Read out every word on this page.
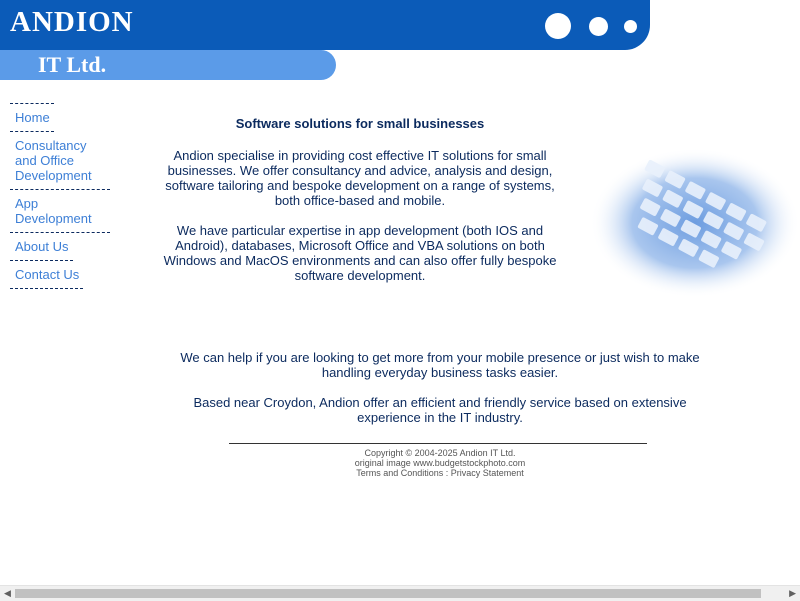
ANDION
IT Ltd.
Home
Consultancy and Office Development
App Development
About Us
Contact Us
Software solutions for small businesses

Andion specialise in providing cost effective IT solutions for small businesses. We offer consultancy and advice, analysis and design, software tailoring and bespoke development on a range of systems, both office-based and mobile.

We have particular expertise in app development (both IOS and Android), databases, Microsoft Office and VBA solutions on both Windows and MacOS environments and can also offer fully bespoke software development.

We can help if you are looking to get more from your mobile presence or just wish to make handling everyday business tasks easier.

Based near Croydon, Andion offer an efficient and friendly service based on extensive experience in the IT industry.

Copyright © 2004-2025 Andion IT Ltd.
original image www.budgetstockphoto.com
Terms and Conditions : Privacy Statement
◀	▶
